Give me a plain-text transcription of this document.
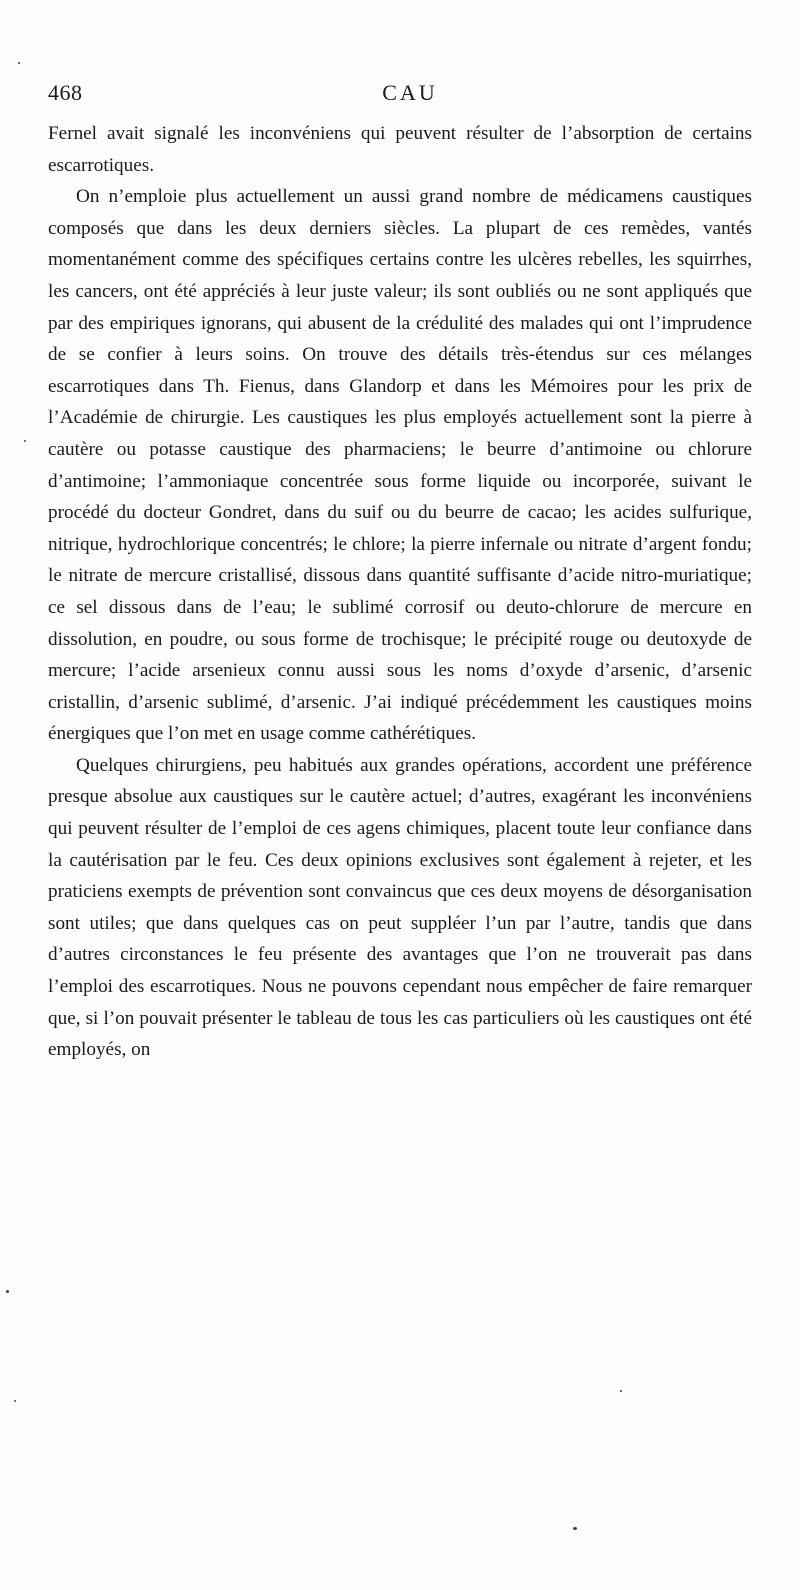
468	CAU

Fernel avait signalé les inconvéniens qui peuvent résulter de l’absorption de certains escarrotiques.

On n’emploie plus actuellement un aussi grand nombre de médicamens caustiques composés que dans les deux derniers siècles. La plupart de ces remèdes, vantés momentanément comme des spécifiques certains contre les ulcères rebelles, les squirrhes, les cancers, ont été appréciés à leur juste valeur; ils sont oubliés ou ne sont appliqués que par des empiriques ignorans, qui abusent de la crédulité des malades qui ont l’imprudence de se confier à leurs soins. On trouve des détails très-étendus sur ces mélanges escarrotiques dans Th. Fienus, dans Glandorp et dans les Mémoires pour les prix de l’Académie de chirurgie. Les caustiques les plus employés actuellement sont la pierre à cautère ou potasse caustique des pharmaciens; le beurre d’antimoine ou chlorure d’antimoine; l’ammoniaque concentrée sous forme liquide ou incorporée, suivant le procédé du docteur Gondret, dans du suif ou du beurre de cacao; les acides sulfurique, nitrique, hydrochlorique concentrés; le chlore; la pierre infernale ou nitrate d’argent fondu; le nitrate de mercure cristallisé, dissous dans quantité suffisante d’acide nitro-muriatique; ce sel dissous dans de l’eau; le sublimé corrosif ou deuto-chlorure de mercure en dissolution, en poudre, ou sous forme de trochisque; le précipité rouge ou deutoxyde de mercure; l’acide arsenieux connu aussi sous les noms d’oxyde d’arsenic, d’arsenic cristallin, d’arsenic sublimé, d’arsenic. J’ai indiqué précédemment les caustiques moins énergiques que l’on met en usage comme cathérétiques.

Quelques chirurgiens, peu habitués aux grandes opérations, accordent une préférence presque absolue aux caustiques sur le cautère actuel; d’autres, exagérant les inconvéniens qui peuvent résulter de l’emploi de ces agens chimiques, placent toute leur confiance dans la cautérisation par le feu. Ces deux opinions exclusives sont également à rejeter, et les praticiens exempts de prévention sont convaincus que ces deux moyens de désorganisation sont utiles; que dans quelques cas on peut suppléer l’un par l’autre, tandis que dans d’autres circonstances le feu présente des avantages que l’on ne trouverait pas dans l’emploi des escarrotiques. Nous ne pouvons cependant nous empêcher de faire remarquer que, si l’on pouvait présenter le tableau de tous les cas particuliers où les caustiques ont été employés, on
